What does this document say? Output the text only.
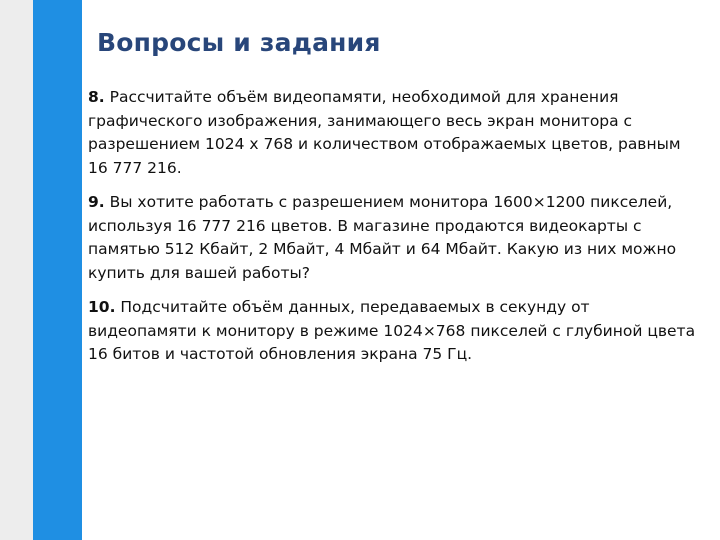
Вопросы и задания

8. Рассчитайте объём видеопамяти, необходимой для хранения графического изображения, занимающего весь экран монитора с разрешением 1024 x 768 и количеством отображаемых цветов, равным 16 777 216.

9. Вы хотите работать с разрешением монитора 1600×1200 пикселей, используя 16 777 216 цветов. В магазине продаются видеокарты с памятью 512 Кбайт, 2 Мбайт, 4 Мбайт и 64 Мбайт. Какую из них можно купить для вашей работы?

10. Подсчитайте объём данных, передаваемых в секунду от видеопамяти к монитору в режиме 1024×768 пикселей с глубиной цвета 16 битов и частотой обновления экрана 75 Гц.
